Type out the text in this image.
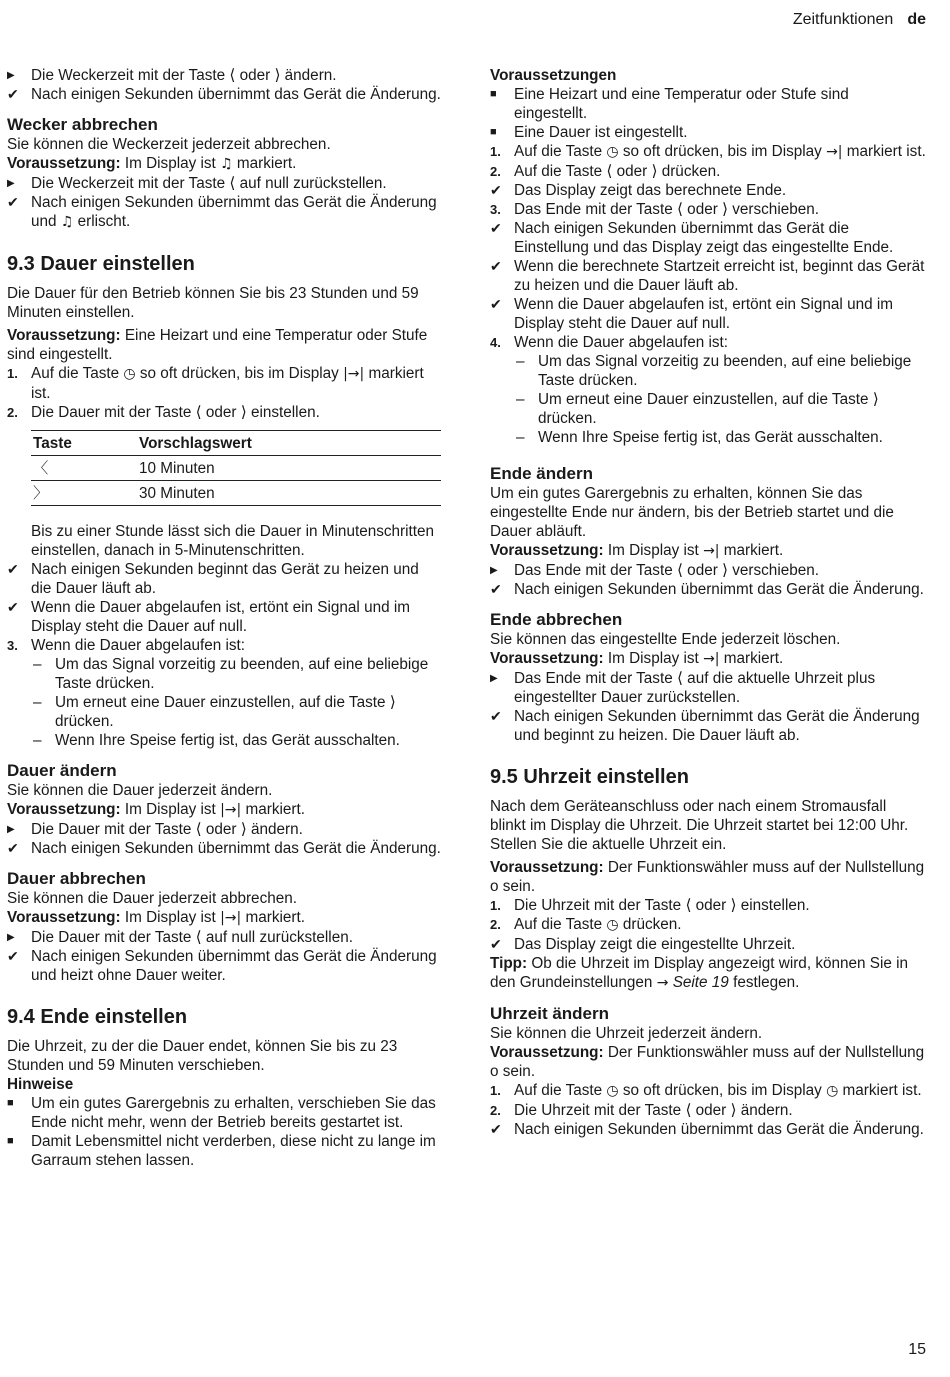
Zeitfunktionen de
▶	Die Weckerzeit mit der Taste ⟨ oder ⟩ ändern.
✔ Nach einigen Sekunden übernimmt das Gerät die Änderung.

Wecker abbrechen

Sie können die Weckerzeit jederzeit abbrechen.

Voraussetzung: Im Display ist ♫ markiert.

▶	Die Weckerzeit mit der Taste ⟨ auf null zurückstellen.
✔ Nach einigen Sekunden übernimmt das Gerät die Änderung und ♫ erlischt.

9.3 Dauer einstellen

Die Dauer für den Betrieb können Sie bis 23 Stunden und 59 Minuten einstellen.

Voraussetzung: Eine Heizart und eine Temperatur oder Stufe sind eingestellt.

1. Auf die Taste ◷ so oft drücken, bis im Display |→| markiert ist.
2. Die Dauer mit der Taste ⟨ oder ⟩ einstellen.
Taste	Vorschlagswert
〈	10 Minuten
〉	30 Minuten

Bis zu einer Stunde lässt sich die Dauer in Minutenschritten einstellen, danach in 5-Minutenschritten.

✔ Nach einigen Sekunden beginnt das Gerät zu heizen und die Dauer läuft ab.
✔ Wenn die Dauer abgelaufen ist, ertönt ein Signal und im Display steht die Dauer auf null.
3. Wenn die Dauer abgelaufen ist:
– Um das Signal vorzeitig zu beenden, auf eine beliebige Taste drücken.
– Um erneut eine Dauer einzustellen, auf die Taste ⟩ drücken.
– Wenn Ihre Speise fertig ist, das Gerät ausschalten.

Dauer ändern

Sie können die Dauer jederzeit ändern.

Voraussetzung: Im Display ist |→| markiert.

▶	Die Dauer mit der Taste ⟨ oder ⟩ ändern.
✔ Nach einigen Sekunden übernimmt das Gerät die Änderung.

Dauer abbrechen

Sie können die Dauer jederzeit abbrechen.

Voraussetzung: Im Display ist |→| markiert.

▶	Die Dauer mit der Taste ⟨ auf null zurückstellen.
✔ Nach einigen Sekunden übernimmt das Gerät die Änderung und heizt ohne Dauer weiter.

9.4 Ende einstellen

Die Uhrzeit, zu der die Dauer endet, können Sie bis zu 23 Stunden und 59 Minuten verschieben.

Hinweise

■	Um ein gutes Garergebnis zu erhalten, verschieben Sie das Ende nicht mehr, wenn der Betrieb bereits gestartet ist.
■	Damit Lebensmittel nicht verderben, diese nicht zu lange im Garraum stehen lassen.

Voraussetzungen

■	Eine Heizart und eine Temperatur oder Stufe sind eingestellt.
■	Eine Dauer ist eingestellt.
1. Auf die Taste ◷ so oft drücken, bis im Display →| markiert ist.
2. Auf die Taste ⟨ oder ⟩ drücken.
✔ Das Display zeigt das berechnete Ende.
3. Das Ende mit der Taste ⟨ oder ⟩ verschieben.
✔ Nach einigen Sekunden übernimmt das Gerät die Einstellung und das Display zeigt das eingestellte Ende.
✔ Wenn die berechnete Startzeit erreicht ist, beginnt das Gerät zu heizen und die Dauer läuft ab.
✔ Wenn die Dauer abgelaufen ist, ertönt ein Signal und im Display steht die Dauer auf null.
4. Wenn die Dauer abgelaufen ist:
– Um das Signal vorzeitig zu beenden, auf eine beliebige Taste drücken.
– Um erneut eine Dauer einzustellen, auf die Taste ⟩ drücken.
– Wenn Ihre Speise fertig ist, das Gerät ausschalten.

Ende ändern

Um ein gutes Garergebnis zu erhalten, können Sie das eingestellte Ende nur ändern, bis der Betrieb startet und die Dauer abläuft.

Voraussetzung: Im Display ist →| markiert.

▶	Das Ende mit der Taste ⟨ oder ⟩ verschieben.
✔ Nach einigen Sekunden übernimmt das Gerät die Änderung.

Ende abbrechen

Sie können das eingestellte Ende jederzeit löschen.

Voraussetzung: Im Display ist →| markiert.

▶	Das Ende mit der Taste ⟨ auf die aktuelle Uhrzeit plus eingestellter Dauer zurückstellen.
✔ Nach einigen Sekunden übernimmt das Gerät die Änderung und beginnt zu heizen. Die Dauer läuft ab.

9.5 Uhrzeit einstellen

Nach dem Geräteanschluss oder nach einem Stromausfall blinkt im Display die Uhrzeit. Die Uhrzeit startet bei 12:00 Uhr. Stellen Sie die aktuelle Uhrzeit ein.

Voraussetzung: Der Funktionswähler muss auf der Nullstellung o sein.

1. Die Uhrzeit mit der Taste ⟨ oder ⟩ einstellen.
2. Auf die Taste ◷ drücken.
✔ Das Display zeigt die eingestellte Uhrzeit.

Tipp: Ob die Uhrzeit im Display angezeigt wird, können Sie in den Grundeinstellungen → Seite 19 festlegen.

Uhrzeit ändern

Sie können die Uhrzeit jederzeit ändern.

Voraussetzung: Der Funktionswähler muss auf der Nullstellung o sein.

1. Auf die Taste ◷ so oft drücken, bis im Display ◷ markiert ist.
2. Die Uhrzeit mit der Taste ⟨ oder ⟩ ändern.
✔ Nach einigen Sekunden übernimmt das Gerät die Änderung.
15
